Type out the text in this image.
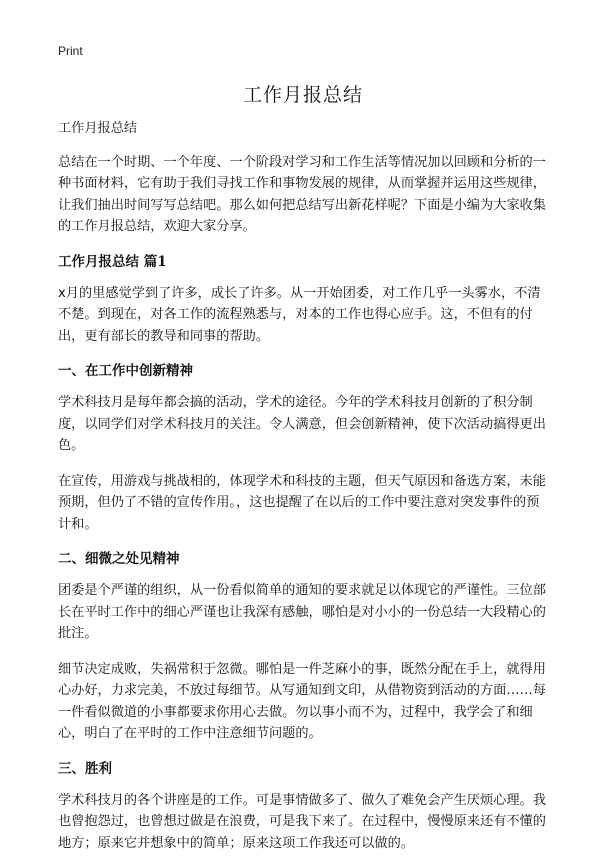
Print

工作月报总结

工作月报总结

总结在一个时期、一个年度、一个阶段对学习和工作生活等情况加以回顾和分析的一种书面材料，它有助于我们寻找工作和事物发展的规律，从而掌握并运用这些规律，让我们抽出时间写写总结吧。那么如何把总结写出新花样呢？下面是小编为大家收集的工作月报总结，欢迎大家分享。

工作月报总结 篇1

x月的里感觉学到了许多，成长了许多。从一开始团委，对工作几乎一头雾水，不清不楚。到现在，对各工作的流程熟悉与，对本的工作也得心应手。这，不但有的付出，更有部长的教导和同事的帮助。

一、在工作中创新精神

学术科技月是每年都会搞的活动，学术的途径。今年的学术科技月创新的了积分制度，以同学们对学术科技月的关注。令人满意，但会创新精神，使下次活动搞得更出色。

在宣传，用游戏与挑战相的，体现学术和科技的主题，但天气原因和备选方案，未能预期，但仍了不错的宣传作用。，这也提醒了在以后的工作中要注意对突发事件的预计和。

二、细微之处见精神

团委是个严谨的组织，从一份看似简单的通知的要求就足以体现它的严谨性。三位部长在平时工作中的细心严谨也让我深有感触，哪怕是对小小的一份总结一大段精心的批注。

细节决定成败，失祸常积于忽微。哪怕是一件芝麻小的事，既然分配在手上，就得用心办好，力求完美，不放过每细节。从写通知到文印，从借物资到活动的方面……每一件看似微道的小事都要求你用心去做。勿以事小而不为，过程中，我学会了和细心，明白了在平时的工作中注意细节问题的。

三、胜利

学术科技月的各个讲座是的工作。可是事情做多了、做久了难免会产生厌烦心理。我也曾抱怨过，也曾想过做是在浪费，可是我下来了。在过程中，慢慢原来还有不懂的地方；原来它并想象中的简单；原来这项工作我还可以做的。
